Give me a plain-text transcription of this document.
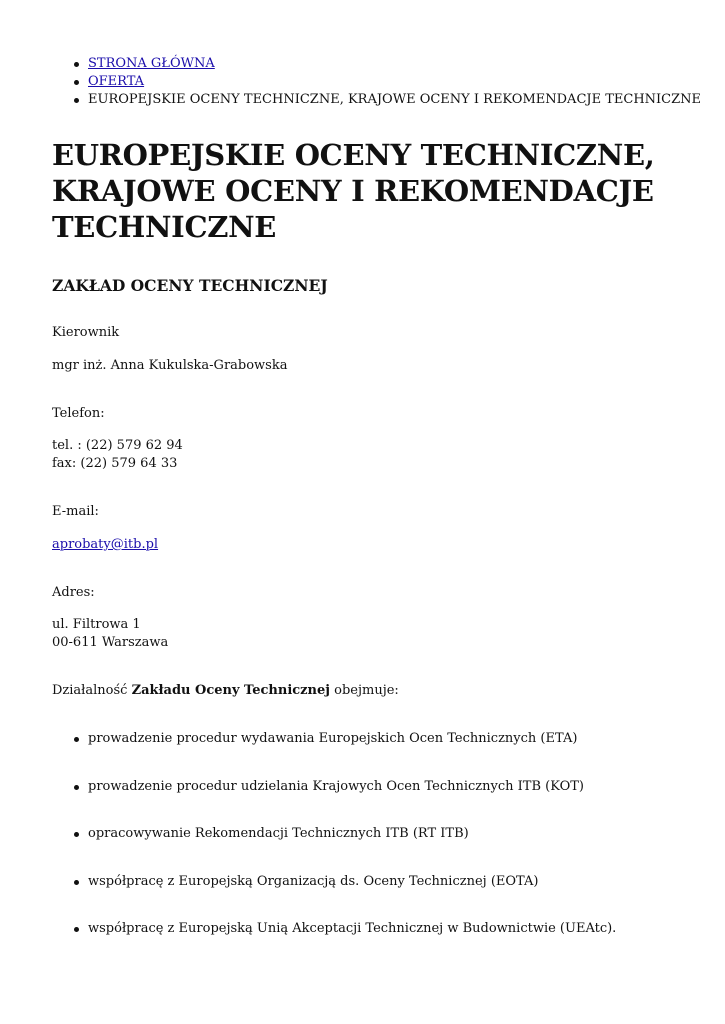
STRONA GŁÓWNA
OFERTA
EUROPEJSKIE OCENY TECHNICZNE, KRAJOWE OCENY I REKOMENDACJE TECHNICZNE
EUROPEJSKIE OCENY TECHNICZNE,
KRAJOWE OCENY I REKOMENDACJE
TECHNICZNE
ZAKŁAD OCENY TECHNICZNEJ

Kierownik

mgr inż. Anna Kukulska-Grabowska

Telefon:

tel. : (22) 579 62 94

fax: (22) 579 64 33

E-mail:

aprobaty@itb.pl

Adres:

ul. Filtrowa 1

00-611 Warszawa

Działalność Zakładu Oceny Technicznej obejmuje:

prowadzenie procedur wydawania Europejskich Ocen Technicznych (ETA)
prowadzenie procedur udzielania Krajowych Ocen Technicznych ITB (KOT)
opracowywanie Rekomendacji Technicznych ITB (RT ITB)
współpracę z Europejską Organizacją ds. Oceny Technicznej (EOTA)
współpracę z Europejską Unią Akceptacji Technicznej w Budownictwie (UEAtc).
